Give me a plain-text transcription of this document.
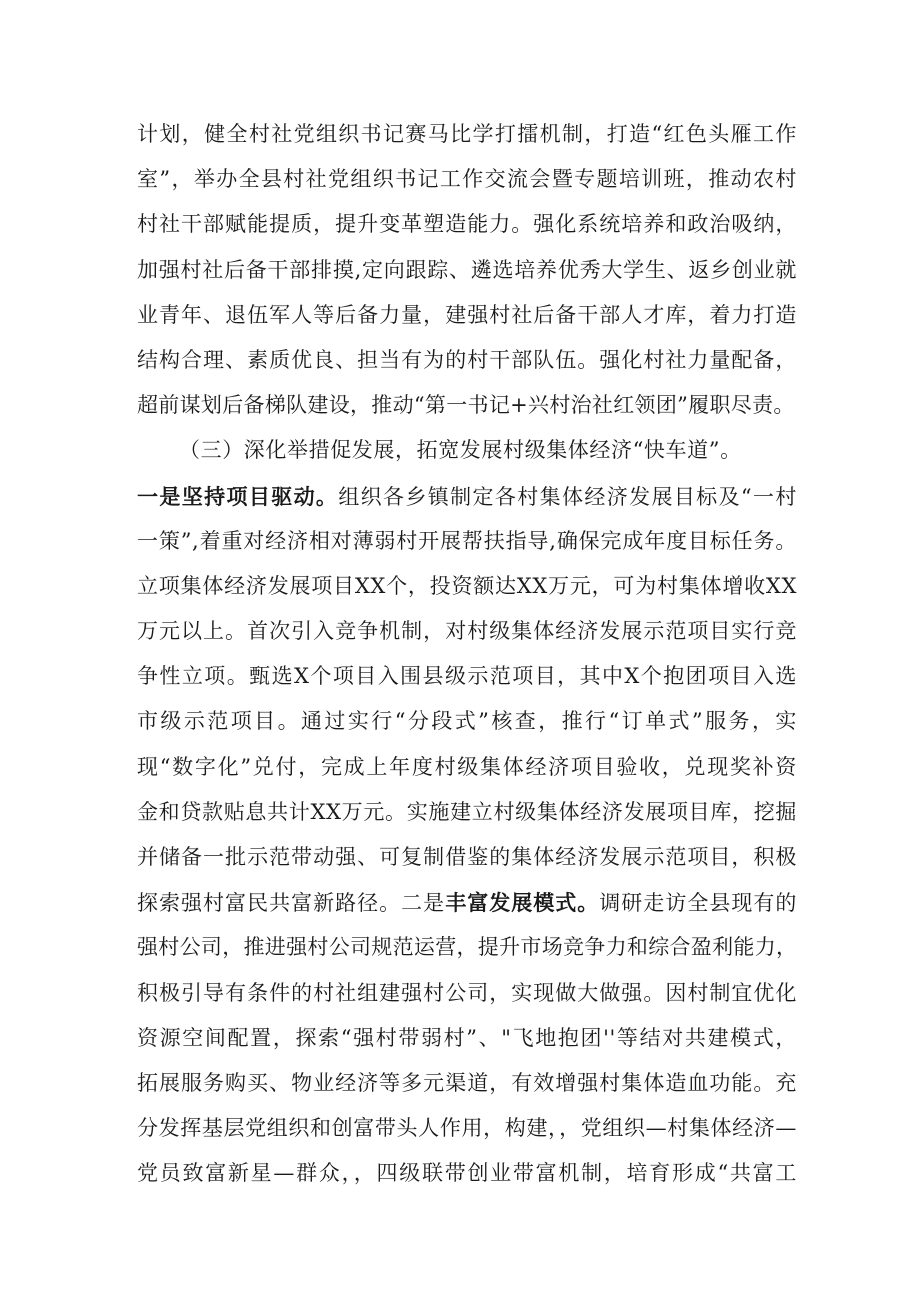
计划，健全村社党组织书记赛马比学打擂机制，打造“红色头雁工作
室”，举办全县村社党组织书记工作交流会暨专题培训班，推动农村
村社干部赋能提质，提升变革塑造能力。强化系统培养和政治吸纳，
加强村社后备干部排摸,定向跟踪、遴选培养优秀大学生、返乡创业就
业青年、退伍军人等后备力量，建强村社后备干部人才库，着力打造
结构合理、素质优良、担当有为的村干部队伍。强化村社力量配备，
超前谋划后备梯队建设，推动“第一书记+兴村治社红领团”履职尽责。
（三）深化举措促发展，拓宽发展村级集体经济“快车道”。
一是坚持项目驱动。组织各乡镇制定各村集体经济发展目标及“一村
一策”,着重对经济相对薄弱村开展帮扶指导,确保完成年度目标任务。
立项集体经济发展项目XX个，投资额达XX万元，可为村集体增收XX
万元以上。首次引入竞争机制，对村级集体经济发展示范项目实行竞
争性立项。甄选X个项目入围县级示范项目，其中X个抱团项目入选
市级示范项目。通过实行“分段式”核查，推行“订单式”服务，实
现“数字化”兑付，完成上年度村级集体经济项目验收，兑现奖补资
金和贷款贴息共计XX万元。实施建立村级集体经济发展项目库，挖掘
并储备一批示范带动强、可复制借鉴的集体经济发展示范项目，积极
探索强村富民共富新路径。二是丰富发展模式。调研走访全县现有的
强村公司，推进强村公司规范运营，提升市场竞争力和综合盈利能力，
积极引导有条件的村社组建强村公司，实现做大做强。因村制宜优化
资源空间配置，探索“强村带弱村”、"飞地抱团''等结对共建模式，
拓展服务购买、物业经济等多元渠道，有效增强村集体造血功能。充
分发挥基层党组织和创富带头人作用，构建，，党组织—村集体经济—
党员致富新星—群众，，四级联带创业带富机制，培育形成“共富工
